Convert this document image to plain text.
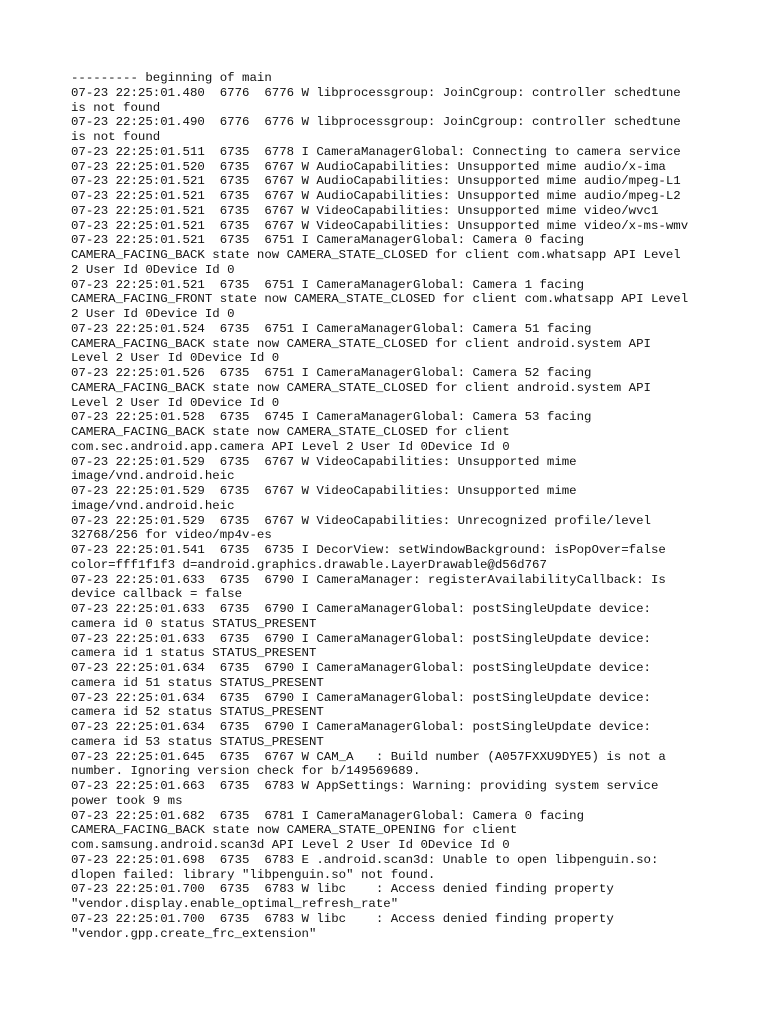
--------- beginning of main

07-23 22:25:01.480  6776  6776 W libprocessgroup: JoinCgroup: controller schedtune

is not found

07-23 22:25:01.490  6776  6776 W libprocessgroup: JoinCgroup: controller schedtune

is not found

07-23 22:25:01.511  6735  6778 I CameraManagerGlobal: Connecting to camera service

07-23 22:25:01.520  6735  6767 W AudioCapabilities: Unsupported mime audio/x-ima

07-23 22:25:01.521  6735  6767 W AudioCapabilities: Unsupported mime audio/mpeg-L1

07-23 22:25:01.521  6735  6767 W AudioCapabilities: Unsupported mime audio/mpeg-L2

07-23 22:25:01.521  6735  6767 W VideoCapabilities: Unsupported mime video/wvc1

07-23 22:25:01.521  6735  6767 W VideoCapabilities: Unsupported mime video/x-ms-wmv

07-23 22:25:01.521  6735  6751 I CameraManagerGlobal: Camera 0 facing

CAMERA_FACING_BACK state now CAMERA_STATE_CLOSED for client com.whatsapp API Level

2 User Id 0Device Id 0

07-23 22:25:01.521  6735  6751 I CameraManagerGlobal: Camera 1 facing

CAMERA_FACING_FRONT state now CAMERA_STATE_CLOSED for client com.whatsapp API Level

2 User Id 0Device Id 0

07-23 22:25:01.524  6735  6751 I CameraManagerGlobal: Camera 51 facing

CAMERA_FACING_BACK state now CAMERA_STATE_CLOSED for client android.system API

Level 2 User Id 0Device Id 0

07-23 22:25:01.526  6735  6751 I CameraManagerGlobal: Camera 52 facing

CAMERA_FACING_BACK state now CAMERA_STATE_CLOSED for client android.system API

Level 2 User Id 0Device Id 0

07-23 22:25:01.528  6735  6745 I CameraManagerGlobal: Camera 53 facing

CAMERA_FACING_BACK state now CAMERA_STATE_CLOSED for client

com.sec.android.app.camera API Level 2 User Id 0Device Id 0

07-23 22:25:01.529  6735  6767 W VideoCapabilities: Unsupported mime

image/vnd.android.heic

07-23 22:25:01.529  6735  6767 W VideoCapabilities: Unsupported mime

image/vnd.android.heic

07-23 22:25:01.529  6735  6767 W VideoCapabilities: Unrecognized profile/level

32768/256 for video/mp4v-es

07-23 22:25:01.541  6735  6735 I DecorView: setWindowBackground: isPopOver=false

color=fff1f1f3 d=android.graphics.drawable.LayerDrawable@d56d767

07-23 22:25:01.633  6735  6790 I CameraManager: registerAvailabilityCallback: Is

device callback = false

07-23 22:25:01.633  6735  6790 I CameraManagerGlobal: postSingleUpdate device:

camera id 0 status STATUS_PRESENT

07-23 22:25:01.633  6735  6790 I CameraManagerGlobal: postSingleUpdate device:

camera id 1 status STATUS_PRESENT

07-23 22:25:01.634  6735  6790 I CameraManagerGlobal: postSingleUpdate device:

camera id 51 status STATUS_PRESENT

07-23 22:25:01.634  6735  6790 I CameraManagerGlobal: postSingleUpdate device:

camera id 52 status STATUS_PRESENT

07-23 22:25:01.634  6735  6790 I CameraManagerGlobal: postSingleUpdate device:

camera id 53 status STATUS_PRESENT

07-23 22:25:01.645  6735  6767 W CAM_A   : Build number (A057FXXU9DYE5) is not a

number. Ignoring version check for b/149569689.

07-23 22:25:01.663  6735  6783 W AppSettings: Warning: providing system service

power took 9 ms

07-23 22:25:01.682  6735  6781 I CameraManagerGlobal: Camera 0 facing

CAMERA_FACING_BACK state now CAMERA_STATE_OPENING for client

com.samsung.android.scan3d API Level 2 User Id 0Device Id 0

07-23 22:25:01.698  6735  6783 E .android.scan3d: Unable to open libpenguin.so:

dlopen failed: library "libpenguin.so" not found.

07-23 22:25:01.700  6735  6783 W libc    : Access denied finding property

"vendor.display.enable_optimal_refresh_rate"

07-23 22:25:01.700  6735  6783 W libc    : Access denied finding property

"vendor.gpp.create_frc_extension"
